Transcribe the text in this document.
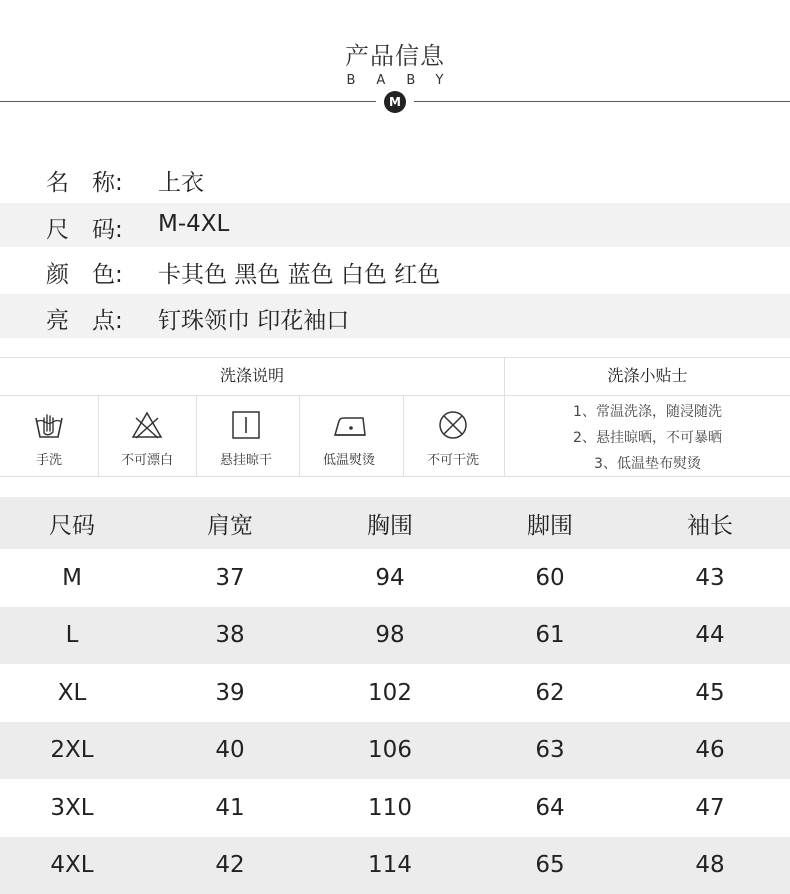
产品信息
BABY
M
名　称:	上衣
尺　码:	M-4XL
颜　色:	卡其色 黑色 蓝色 白色 红色
亮　点:	钉珠领巾 印花袖口
洗涤说明	洗涤小贴士
手洗	不可漂白	悬挂晾干	低温熨烫	不可干洗
1、常温洗涤，随浸随洗
2、悬挂晾晒，不可暴晒
3、低温垫布熨烫
尺码	肩宽	胸围	脚围	袖长
M	37	94	60	43
L	38	98	61	44
XL	39	102	62	45
2XL	40	106	63	46
3XL	41	110	64	47
4XL	42	114	65	48
